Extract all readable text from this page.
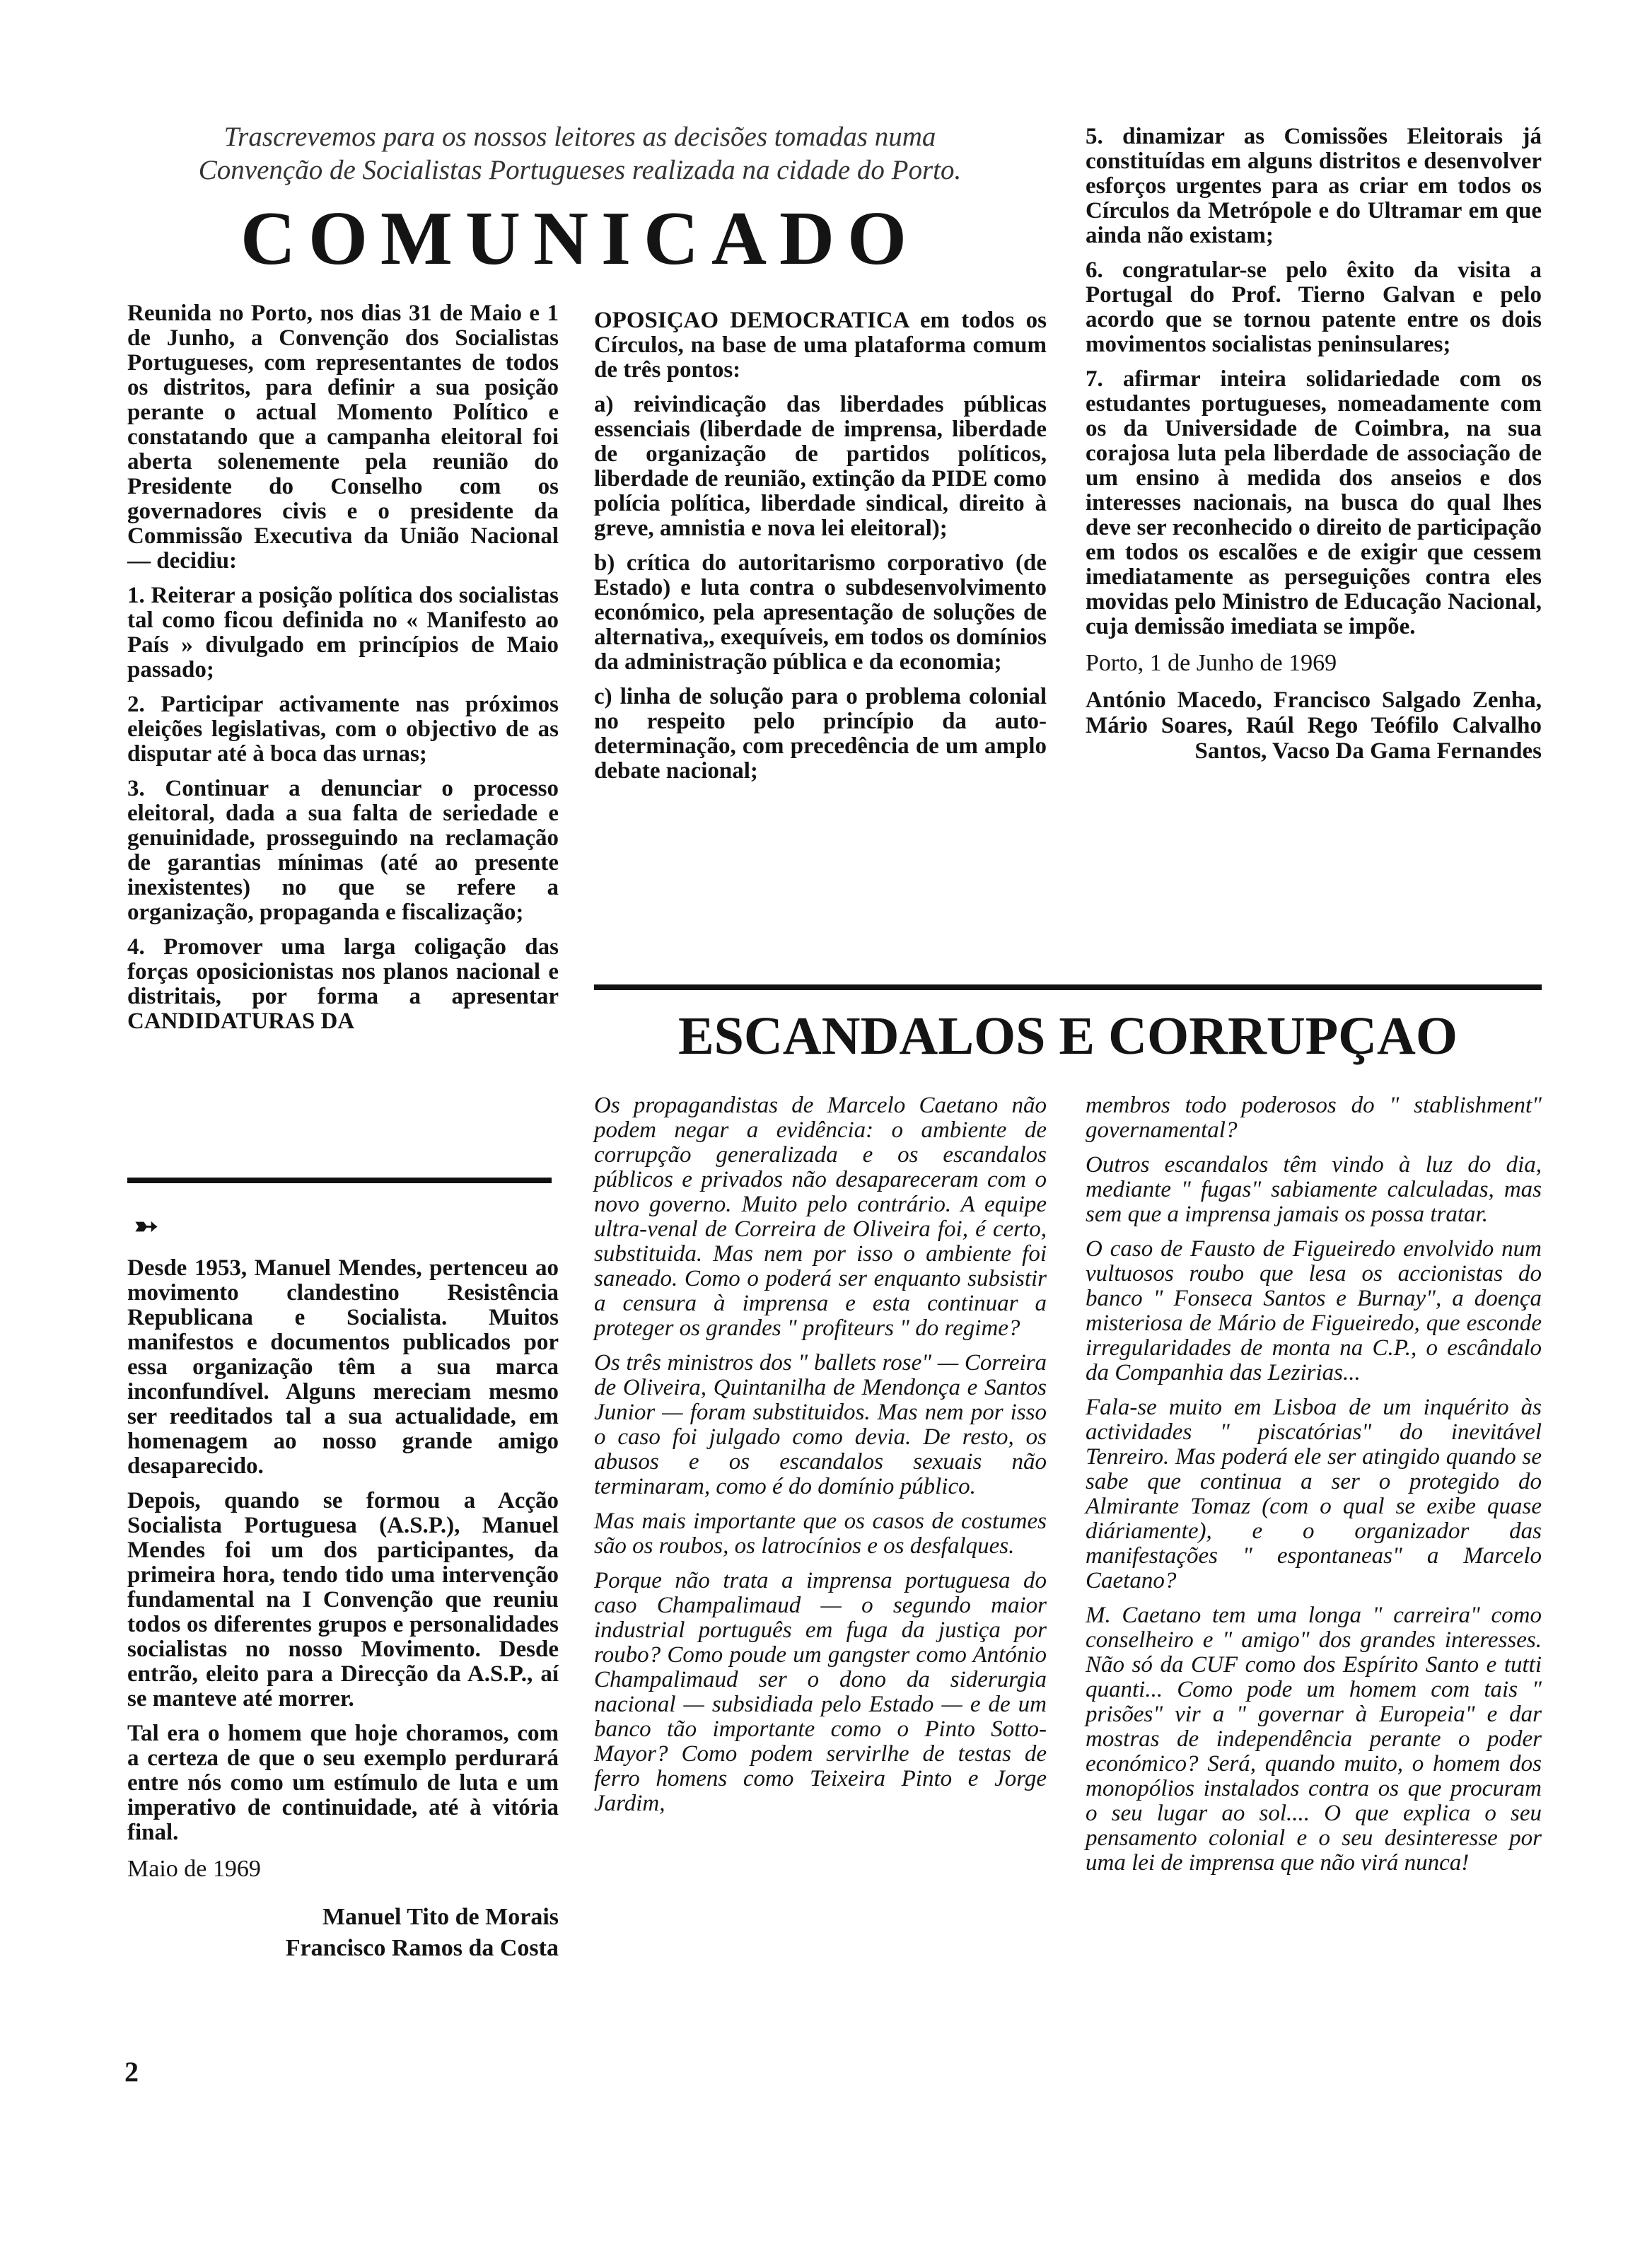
Trascrevemos para os nossos leitores as decisões tomadas numa
Convenção de Socialistas Portugueses realizada na cidade do Porto.
COMUNICADO

Reunida no Porto, nos dias 31 de Maio e 1 de Junho, a Convenção dos Socialistas Portugueses, com representantes de todos os distritos, para definir a sua posição perante o actual Momento Político e constatando que a campanha eleitoral foi aberta solenemente pela reunião do Presidente do Conselho com os governadores civis e o presidente da Commissão Executiva da União Nacional — decidiu:

1. Reiterar a posição política dos socialistas tal como ficou definida no « Manifesto ao País » divulgado em princípios de Maio passado;

2. Participar activamente nas próximos eleições legislativas, com o objectivo de as disputar até à boca das urnas;

3. Continuar a denunciar o processo eleitoral, dada a sua falta de seriedade e genuinidade, prosseguindo na reclamação de garantias mínimas (até ao presente inexistentes) no que se refere a organização, propaganda e fiscalização;

4. Promover uma larga coligação das forças oposicionistas nos planos nacional e distritais, por forma a apresentar CANDIDATURAS DA

OPOSIÇAO DEMOCRATICA em todos os Círculos, na base de uma plataforma comum de três pontos:

a) reivindicação das liberdades públicas essenciais (liberdade de imprensa, liberdade de organização de partidos políticos, liberdade de reunião, extinção da PIDE como polícia política, liberdade sindical, direito à greve, amnistia e nova lei eleitoral);

b) crítica do autoritarismo corporativo (de Estado) e luta contra o subdesenvolvimento económico, pela apresentação de soluções de alternativa,, exequíveis, em todos os domínios da administração pública e da economia;

c) linha de solução para o problema colonial no respeito pelo princípio da auto-determinação, com precedência de um amplo debate nacional;

5. dinamizar as Comissões Eleitorais já constituídas em alguns distritos e desenvolver esforços urgentes para as criar em todos os Círculos da Metrópole e do Ultramar em que ainda não existam;

6. congratular-se pelo êxito da visita a Portugal do Prof. Tierno Galvan e pelo acordo que se tornou patente entre os dois movimentos socialistas peninsulares;

7. afirmar inteira solidariedade com os estudantes portugueses, nomeadamente com os da Universidade de Coimbra, na sua corajosa luta pela liberdade de associação de um ensino à medida dos anseios e dos interesses nacionais, na busca do qual lhes deve ser reconhecido o direito de participação em todos os escalões e de exigir que cessem imediatamente as perseguições contra eles movidas pelo Ministro de Educação Nacional, cuja demissão imediata se impõe.

Porto, 1 de Junho de 1969
António Macedo, Francisco Salgado Zenha, Mário Soares, Raúl Rego Teófilo Calvalho Santos, Vacso Da Gama Fernandes
➳

Desde 1953, Manuel Mendes, pertenceu ao movimento clandestino Resistência Republicana e Socialista. Muitos manifestos e documentos publicados por essa organização têm a sua marca inconfundível. Alguns mereciam mesmo ser reeditados tal a sua actualidade, em homenagem ao nosso grande amigo desaparecido.

Depois, quando se formou a Acção Socialista Portuguesa (A.S.P.), Manuel Mendes foi um dos participantes, da primeira hora, tendo tido uma intervenção fundamental na I Convenção que reuniu todos os diferentes grupos e personalidades socialistas no nosso Movimento. Desde entrão, eleito para a Direcção da A.S.P., aí se manteve até morrer.

Tal era o homem que hoje choramos, com a certeza de que o seu exemplo perdurará entre nós como um estímulo de luta e um imperativo de continuidade, até à vitória final.

Maio de 1969
Manuel Tito de Morais
Francisco Ramos da Costa
ESCANDALOS E CORRUPÇAO

Os propagandistas de Marcelo Caetano não podem negar a evidência: o ambiente de corrupção generalizada e os escandalos públicos e privados não desapareceram com o novo governo. Muito pelo contrário. A equipe ultra-venal de Correira de Oliveira foi, é certo, substituida. Mas nem por isso o ambiente foi saneado. Como o poderá ser enquanto subsistir a censura à imprensa e esta continuar a proteger os grandes " profiteurs " do regime?

Os três ministros dos " ballets rose" — Correira de Oliveira, Quintanilha de Mendonça e Santos Junior — foram substituidos. Mas nem por isso o caso foi julgado como devia. De resto, os abusos e os escandalos sexuais não terminaram, como é do domínio público.

Mas mais importante que os casos de costumes são os roubos, os latrocínios e os desfalques.

Porque não trata a imprensa portuguesa do caso Champalimaud — o segundo maior industrial português em fuga da justiça por roubo? Como poude um gangster como António Champalimaud ser o dono da siderurgia nacional — subsidiada pelo Estado — e de um banco tão importante como o Pinto Sotto-Mayor? Como podem servirlhe de testas de ferro homens como Teixeira Pinto e Jorge Jardim,

membros todo poderosos do " stablishment" governamental?

Outros escandalos têm vindo à luz do dia, mediante " fugas" sabiamente calculadas, mas sem que a imprensa jamais os possa tratar.

O caso de Fausto de Figueiredo envolvido num vultuosos roubo que lesa os accionistas do banco " Fonseca Santos e Burnay", a doença misteriosa de Mário de Figueiredo, que esconde irregularidades de monta na C.P., o escândalo da Companhia das Lezirias...

Fala-se muito em Lisboa de um inquérito às actividades " piscatórias" do inevitável Tenreiro. Mas poderá ele ser atingido quando se sabe que continua a ser o protegido do Almirante Tomaz (com o qual se exibe quase diáriamente), e o organizador das manifestações " espontaneas" a Marcelo Caetano?

M. Caetano tem uma longa " carreira" como conselheiro e " amigo" dos grandes interesses. Não só da CUF como dos Espírito Santo e tutti quanti... Como pode um homem com tais " prisões" vir a " governar à Europeia" e dar mostras de independência perante o poder económico? Será, quando muito, o homem dos monopólios instalados contra os que procuram o seu lugar ao sol.... O que explica o seu pensamento colonial e o seu desinteresse por uma lei de imprensa que não virá nunca!

2
